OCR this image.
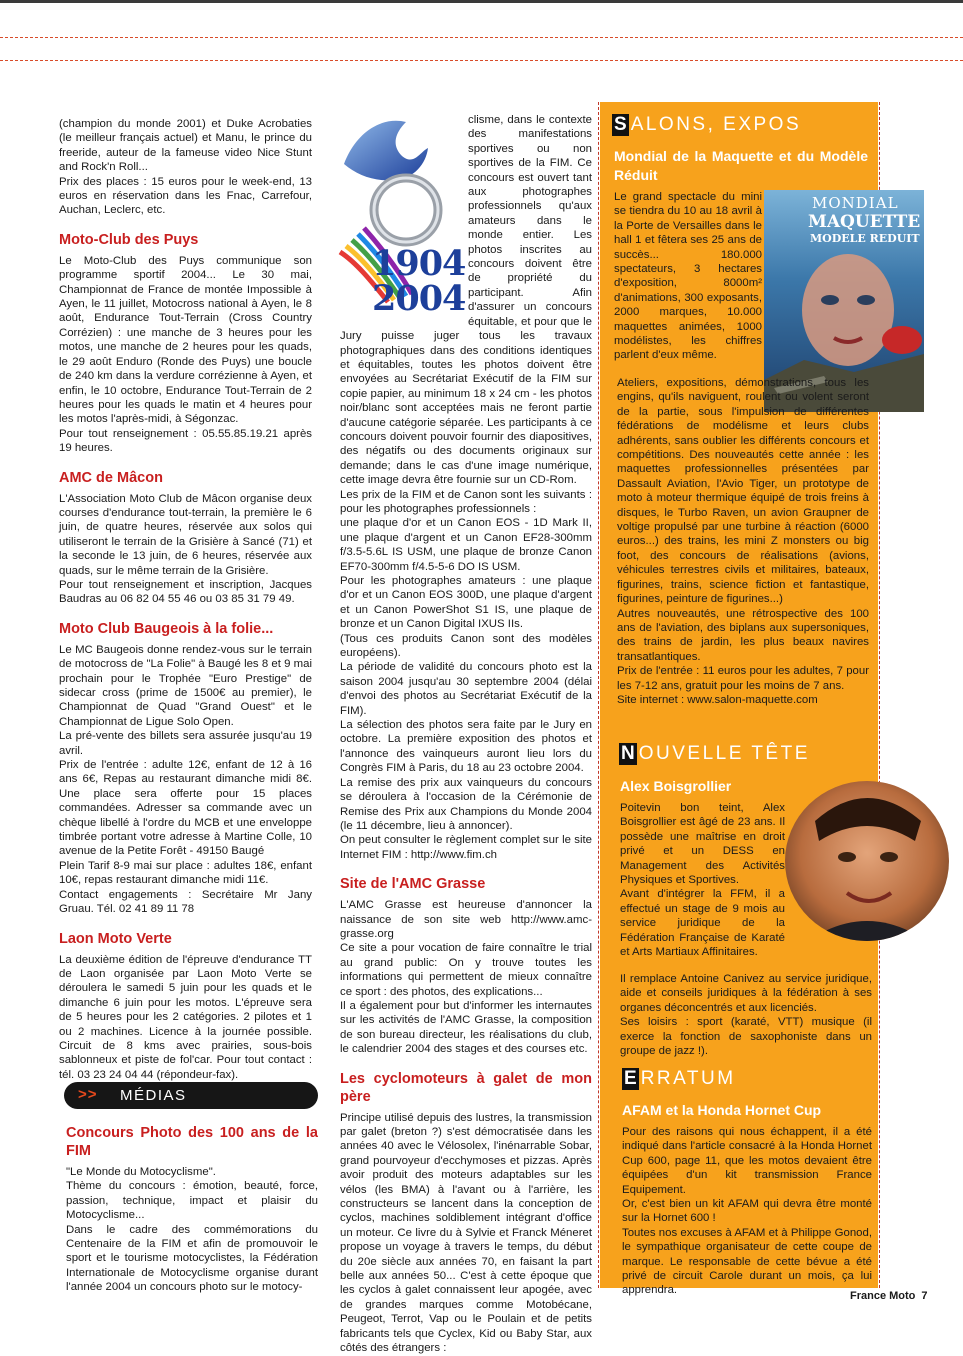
(champion du monde 2001) et Duke Acrobaties (le meilleur français actuel) et Manu, le prince du freeride, auteur de la fameuse video Nice Stunt and Rock'n Roll...

Prix des places : 15 euros pour le week-end, 13 euros en réservation dans les Fnac, Carrefour, Auchan, Leclerc, etc.

Moto-Club des Puys

Le Moto-Club des Puys communique son programme sportif 2004... Le 30 mai, Championnat de France de montée Impossible à Ayen, le 11 juillet, Motocross national à Ayen, le 8 août, Endurance Tout-Terrain (Cross Country Corrézien) : une manche de 3 heures pour les motos, une manche de 2 heures pour les quads, le 29 août Enduro (Ronde des Puys) une boucle de 240 km dans la verdure corrézienne à Ayen, et enfin, le 10 octobre, Endurance Tout-Terrain de 2 heures pour les quads le matin et 4 heures pour les motos l'après-midi, à Ségonzac.

Pour tout renseignement : 05.55.85.19.21 après 19 heures.

AMC de Mâcon

L'Association Moto Club de Mâcon organise deux courses d'endurance tout-terrain, la première le 6 juin, de quatre heures, réservée aux solos qui utiliseront le terrain de la Grisière à Sancé (71) et la seconde le 13 juin, de 6 heures, réservée aux quads, sur le même terrain de la Grisière.

Pour tout renseignement et inscription, Jacques Baudras au 06 82 04 55 46 ou 03 85 31 79 49.

Moto Club Baugeois à la folie...

Le MC Baugeois donne rendez-vous sur le terrain de motocross de "La Folie" à Baugé les 8 et 9 mai prochain pour le Trophée "Euro Prestige" de sidecar cross (prime de 1500€ au premier), le Championnat de Quad "Grand Ouest" et le Championnat de Ligue Solo Open.

La pré-vente des billets sera assurée jusqu'au 19 avril.

Prix de l'entrée : adulte 12€, enfant de 12 à 16 ans 6€, Repas au restaurant dimanche midi 8€. Une place sera offerte pour 15 places commandées. Adresser sa commande avec un chèque libellé à l'ordre du MCB et une enveloppe timbrée portant votre adresse à Martine Colle, 10 avenue de la Petite Forêt - 49150 Baugé

Plein Tarif 8-9 mai sur place : adultes 18€, enfant 10€, repas restaurant dimanche midi 11€.

Contact engagements : Secrétaire Mr Jany Gruau. Tél. 02 41 89 11 78

Laon Moto Verte

La deuxième édition de l'épreuve d'endurance TT de Laon organisée par Laon Moto Verte se déroulera le samedi 5 juin pour les quads et le dimanche 6 juin pour les motos. L'épreuve sera de 5 heures pour les 2 catégories. 2 pilotes et 1 ou 2 machines. Licence à la journée possible. Circuit de 8 kms avec prairies, sous-bois sablonneux et piste de fol'car. Pour tout contact : tél. 03 23 24 04 44 (répondeur-fax).

>> MÉDIAS
Concours Photo des 100 ans de la FIM

"Le Monde du Motocyclisme".

Thème du concours : émotion, beauté, force, passion, technique, impact et plaisir du Motocyclisme...

Dans le cadre des commémorations du Centenaire de la FIM et afin de promouvoir le sport et le tourisme motocyclistes, la Fédération Internationale de Motocyclisme organise durant l'année 2004 un concours photo sur le motocy-

1904 2004

clisme, dans le contexte des manifestations sportives ou non sportives de la FIM. Ce concours est ouvert tant aux photographes professionnels qu'aux amateurs dans le monde entier. Les photos inscrites au concours doivent être de propriété du participant. Afin d'assurer un concours équitable, et pour que le Jury puisse juger tous les travaux photographiques dans des conditions identiques et équitables, toutes les photos doivent être envoyées au Secrétariat Exécutif de la FIM sur copie papier, au minimum 18 x 24 cm - les photos noir/blanc sont acceptées mais ne feront partie d'aucune catégorie séparée. Les participants à ce concours doivent pouvoir fournir des diapositives, des négatifs ou des documents originaux sur demande; dans le cas d'une image numérique, cette image devra être fournie sur un CD-Rom.

Les prix de la FIM et de Canon sont les suivants : pour les photographes professionnels :

une plaque d'or et un Canon EOS - 1D Mark II, une plaque d'argent et un Canon EF28-300mm f/3.5-5.6L IS USM, une plaque de bronze Canon EF70-300mm f/4.5-5-6 DO IS USM.

Pour les photographes amateurs : une plaque d'or et un Canon EOS 300D, une plaque d'argent et un Canon PowerShot S1 IS, une plaque de bronze et un Canon Digital IXUS IIs.

(Tous ces produits Canon sont des modèles européens).

La période de validité du concours photo est la saison 2004 jusqu'au 30 septembre 2004 (délai d'envoi des photos au Secrétariat Exécutif de la FIM).

La sélection des photos sera faite par le Jury en octobre. La première exposition des photos et l'annonce des vainqueurs auront lieu lors du Congrès FIM à Paris, du 18 au 23 octobre 2004.

La remise des prix aux vainqueurs du concours se déroulera à l'occasion de la Cérémonie de Remise des Prix aux Champions du Monde 2004 (le 11 décembre, lieu à annoncer).

On peut consulter le règlement complet sur le site Internet FIM : http://www.fim.ch

Site de l'AMC Grasse

L'AMC Grasse est heureuse d'annoncer la naissance de son site web http://www.amc-grasse.org

Ce site a pour vocation de faire connaître le trial au grand public: On y trouve toutes les informations qui permettent de mieux connaître ce sport : des photos, des explications...

Il a également pour but d'informer les internautes sur les activités de l'AMC Grasse, la composition de son bureau directeur, les réalisations du club, le calendrier 2004 des stages et des courses etc.

Les cyclomoteurs à galet de mon père

Principe utilisé depuis des lustres, la transmission par galet (breton ?) s'est démocratisée dans les années 40 avec le Vélosolex, l'inénarrable Sobar, grand pourvoyeur d'ecchymoses et pizzas. Après avoir produit des moteurs adaptables sur les vélos (les BMA) à l'avant ou à l'arrière, les constructeurs se lancent dans la conception de cyclos, machines soldiblement intégrant d'office un moteur. Ce livre du à Sylvie et Franck Méneret propose un voyage à travers le temps, du début du 20e siècle aux années 70, en faisant la part belle aux années 50... C'est à cette époque que les cyclos à galet connaissent leur apogée, avec de grandes marques comme Motobécane, Peugeot, Terrot, Vap ou le Poulain et de petits fabricants tels que Cyclex, Kid ou Baby Star, aux côtés des étrangers :

S ALONS, EXPOS
Mondial de la Maquette et du Modèle Réduit
MONDIAL
MAQUETTE
MODELE REDUIT

Le grand spectacle du mini se tiendra du 10 au 18 avril à la Porte de Versailles dans le hall 1 et fêtera ses 25 ans de succès... 180.000 spectateurs, 3 hectares d'exposition, 8000m² d'animations, 300 exposants, 2000 marques, 10.000 maquettes animées, 1000 modélistes, les chiffres parlent d'eux même.

Ateliers, expositions, démonstrations, tous les engins, qu'ils naviguent, roulent ou volent seront de la partie, sous l'impulsion de différentes fédérations de modélisme et leurs clubs adhérents, sans oublier les différents concours et compétitions. Des nouveautés cette année : les maquettes professionnelles présentées par Dassault Aviation, l'Avio Tiger, un prototype de moto à moteur thermique équipé de trois freins à disques, le Turbo Raven, un avion Graupner de voltige propulsé par une turbine à réaction (6000 euros...) des trains, les mini Z monsters ou big foot, des concours de réalisations (avions, véhicules terrestres civils et militaires, bateaux, figurines, trains, science fiction et fantastique, figurines, peinture de figurines...)

Autres nouveautés, une rétrospective des 100 ans de l'aviation, des biplans aux supersoniques, des trains de jardin, les plus beaux navires transatlantiques.

Prix de l'entrée : 11 euros pour les adultes, 7 pour les 7-12 ans, gratuit pour les moins de 7 ans.

Site internet : www.salon-maquette.com

N OUVELLE TÊTE
Alex Boisgrollier

Poitevin bon teint, Alex Boisgrollier est âgé de 23 ans. Il possède une maîtrise en droit privé et un DESS en Management des Activités Physiques et Sportives.

Avant d'intégrer la FFM, il a effectué un stage de 9 mois au service juridique de la Fédération Française de Karaté et Arts Martiaux Affinitaires.

Il remplace Antoine Canivez au service juridique, aide et conseils juridiques à la fédération à ses organes déconcentrés et aux licenciés.

Ses loisirs : sport (karaté, VTT) musique (il exerce la fonction de saxophoniste dans un groupe de jazz !).

E RRATUM
AFAM et la Honda Hornet Cup

Pour des raisons qui nous échappent, il a été indiqué dans l'article consacré à la Honda Hornet Cup 600, page 11, que les motos devaient être équipées d'un kit transmission France Equipement.

Or, c'est bien un kit AFAM qui devra être monté sur la Hornet 600 !

Toutes nos excuses à AFAM et à Philippe Gonod, le sympathique organisateur de cette coupe de marque. Le responsable de cette bévue a été privé de circuit Carole durant un mois, ça lui apprendra.	France Moto 7
